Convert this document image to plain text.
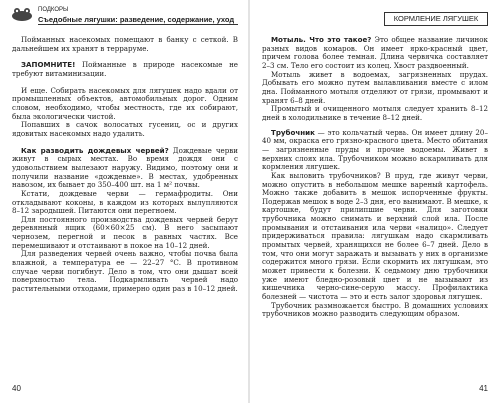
ПОДКОРЫ
Съедобные лягушки: разведение, содержание, уход	КОРМЛЕНИЕ ЛЯГУШЕК

Пойманных насекомых помещают в банку с сеткой. В дальнейшем их хранят в терраруме.

ЗАПОМНИТЕ! Пойманные в природе насекомые не требуют витаминизации.

И еще. Собирать насекомых для лягушек надо вдали от промышленных объектов, автомобильных дорог. Одним словом, необходимо, чтобы местность, где их собирают, была экологически чистой.

Попавших в сачок волосатых гусениц, ос и других ядовитых насекомых надо удалить.

Как разводить дождевых червей? Дождевые черви живут в сырых местах. Во время дождя они с удовольствием вылезают наружу. Видимо, поэтому они и получили название «дождевые». В местах, удобренных навозом, их бывает до 350–400 шт. на 1 м² почвы.

Кстати, дождевые черви — гермафродиты. Они откладывают коконы, в каждом из которых вылупляются 8–12 зародышей. Питаются они перегноем.

Для постоянного производства дождевых червей берут деревянный ящик (60×60×25 см). В него засыпают чернозем, перегной и песок в равных частях. Все перемешивают и отстаивают в покое на 10–12 дней.

Для разведения червей очень важно, чтобы почва была влажной, а температура ее — 22–27 °С. В противном случае черви погибнут. Дело в том, что они дышат всей поверхностью тела. Подкармливать червей надо растительными отходами, примерно один раз в 10–12 дней.

Мотыль. Что это такое? Это общее название личинок разных видов комаров. Он имеет ярко-красный цвет, причем голова более темная. Длина червячка составляет 2–3 см. Тело его состоит из колец. Хвост раздвоенный.

Мотыль живет в водоемах, загрязненных прудах. Добывать его можно путем вылавливания вместе с илом дна. Пойманного мотыля отделяют от грязи, промывают и хранят 6–8 дней.

Промытый и очищенного мотыля следует хранить 8–12 дней в холодильнике в течение 8–12 дней.

Трубочник — это кольчатый червь. Он имеет длину 20–40 мм, окраска его грязно-красного цвета. Место обитания — загрязненные пруды и прочие водоемы. Живет в верхних слоях ила. Трубочником можно вскармливать для кормления лягушек.

Как выловить трубочников? В пруд, где живут черви, можно опустить в небольшом мешке вареный картофель. Можно также добавить в мешок испорченные фрукты. Подержав мешок в воде 2–3 дня, его вынимают. В мешке, к картошке, будут прилипшие черви. Для заготовки трубочника можно снимать и верхний слой ила. После промывания и отстаивания ила черви «налицо». Следует придерживаться правила: лягушкам надо скармливать промытых червей, хранящихся не более 6–7 дней. Дело в том, что они могут заражать и вызывать у них в организме содержится много грязи. Если скормить их лягушкам, это может привести к болезни. К седьмому дню трубочники уже имеют бледно-розовый цвет и не вызывают из кишечника черно-сине-серую массу. Профилактика болезней — чистота — это и есть залог здоровья лягушек.

Трубочник размножается быстро. В домашних условиях трубочников можно разводить следующим образом.

40	41
